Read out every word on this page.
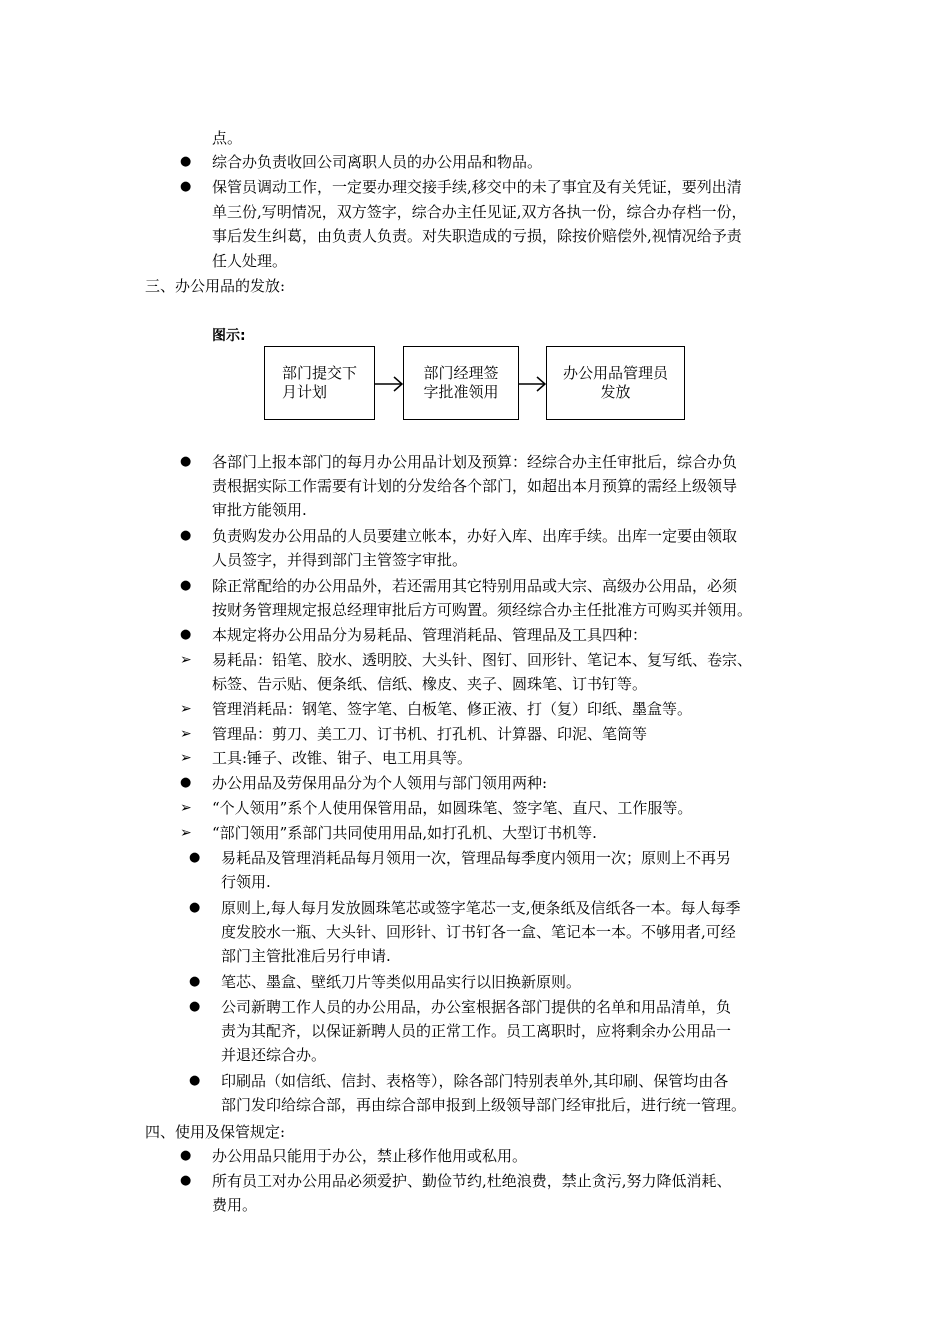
点。
● 综合办负责收回公司离职人员的办公用品和物品。
● 保管员调动工作，一定要办理交接手续,移交中的未了事宜及有关凭证，要列出清
单三份,写明情况，双方签字，综合办主任见证,双方各执一份，综合办存档一份，
事后发生纠葛，由负责人负责。对失职造成的亏损，除按价赔偿外,视情况给予责
任人处理。
三、办公用品的发放:
图示:
部门提交下
月计划
部门经理签
字批准领用
办公用品管理员
发放
● 各部门上报本部门的每月办公用品计划及预算：经综合办主任审批后，综合办负
责根据实际工作需要有计划的分发给各个部门，如超出本月预算的需经上级领导
审批方能领用.
● 负责购发办公用品的人员要建立帐本，办好入库、出库手续。出库一定要由领取
人员签字，并得到部门主管签字审批。
● 除正常配给的办公用品外，若还需用其它特别用品或大宗、高级办公用品，必须
按财务管理规定报总经理审批后方可购置。须经综合办主任批准方可购买并领用。
● 本规定将办公用品分为易耗品、管理消耗品、管理品及工具四种：
➢ 易耗品：铅笔、胶水、透明胶、大头针、图钉、回形针、笔记本、复写纸、卷宗、
标签、告示贴、便条纸、信纸、橡皮、夹子、圆珠笔、订书钉等。
➢ 管理消耗品：钢笔、签字笔、白板笔、修正液、打（复）印纸、墨盒等。
➢ 管理品：剪刀、美工刀、订书机、打孔机、计算器、印泥、笔筒等
➢ 工具:锤子、改锥、钳子、电工用具等。
● 办公用品及劳保用品分为个人领用与部门领用两种:
➢ “个人领用”系个人使用保管用品，如圆珠笔、签字笔、直尺、工作服等。
➢ “部门领用”系部门共同使用用品,如打孔机、大型订书机等.
● 易耗品及管理消耗品每月领用一次，管理品每季度内领用一次；原则上不再另
行领用.
● 原则上,每人每月发放圆珠笔芯或签字笔芯一支,便条纸及信纸各一本。每人每季
度发胶水一瓶、大头针、回形针、订书钉各一盒、笔记本一本。不够用者,可经
部门主管批准后另行申请.
● 笔芯、墨盒、壁纸刀片等类似用品实行以旧换新原则。
● 公司新聘工作人员的办公用品，办公室根据各部门提供的名单和用品清单，负
责为其配齐，以保证新聘人员的正常工作。员工离职时，应将剩余办公用品一
并退还综合办。
● 印刷品（如信纸、信封、表格等），除各部门特别表单外,其印刷、保管均由各
部门发印给综合部，再由综合部申报到上级领导部门经审批后，进行统一管理。
四、使用及保管规定:
● 办公用品只能用于办公，禁止移作他用或私用。
● 所有员工对办公用品必须爱护、勤俭节约,杜绝浪费，禁止贪污,努力降低消耗、
费用。
